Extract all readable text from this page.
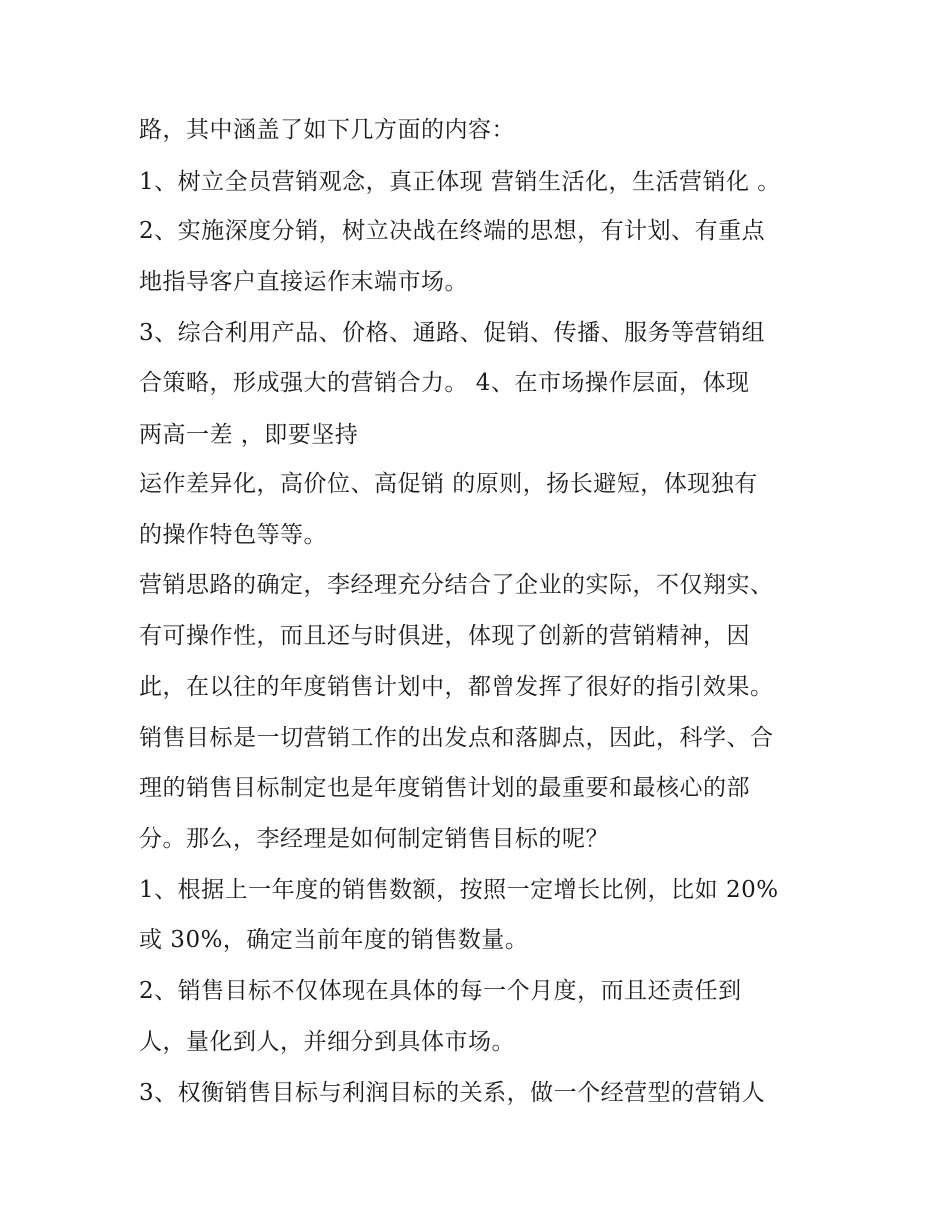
路，其中涵盖了如下几方面的内容：
1、树立全员营销观念，真正体现 营销生活化，生活营销化 。
2、实施深度分销，树立决战在终端的思想，有计划、有重点
地指导客户直接运作末端市场。
3、综合利用产品、价格、通路、促销、传播、服务等营销组
合策略，形成强大的营销合力。 4、在市场操作层面，体现
两高一差 ，即要坚持
运作差异化，高价位、高促销 的原则，扬长避短，体现独有
的操作特色等等。
营销思路的确定，李经理充分结合了企业的实际，不仅翔实、
有可操作性，而且还与时俱进，体现了创新的营销精神，因
此，在以往的年度销售计划中，都曾发挥了很好的指引效果。
销售目标是一切营销工作的出发点和落脚点，因此，科学、合
理的销售目标制定也是年度销售计划的最重要和最核心的部
分。那么，李经理是如何制定销售目标的呢？
1、根据上一年度的销售数额，按照一定增长比例，比如 20%
或 30%，确定当前年度的销售数量。
2、销售目标不仅体现在具体的每一个月度，而且还责任到
人，量化到人，并细分到具体市场。
3、权衡销售目标与利润目标的关系，做一个经营型的营销人
